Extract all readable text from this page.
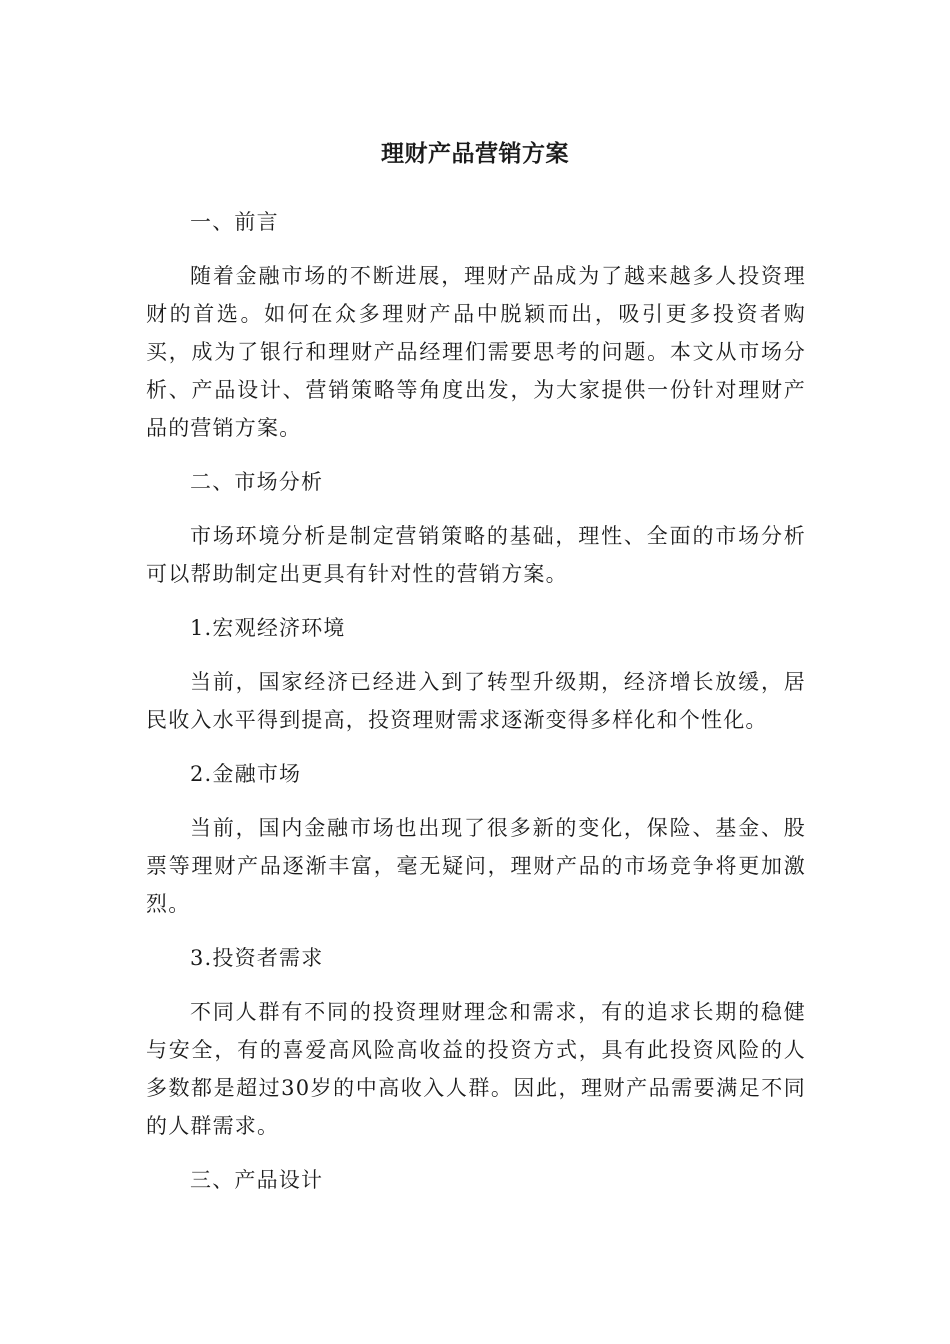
理财产品营销方案

一、前言

随着金融市场的不断进展，理财产品成为了越来越多人投资理财的首选。如何在众多理财产品中脱颖而出，吸引更多投资者购买，成为了银行和理财产品经理们需要思考的问题。本文从市场分析、产品设计、营销策略等角度出发，为大家提供一份针对理财产品的营销方案。

二、市场分析

市场环境分析是制定营销策略的基础，理性、全面的市场分析可以帮助制定出更具有针对性的营销方案。

1.宏观经济环境

当前，国家经济已经进入到了转型升级期，经济增长放缓，居民收入水平得到提高，投资理财需求逐渐变得多样化和个性化。

2.金融市场

当前，国内金融市场也出现了很多新的变化，保险、基金、股票等理财产品逐渐丰富，毫无疑问，理财产品的市场竞争将更加激烈。

3.投资者需求

不同人群有不同的投资理财理念和需求，有的追求长期的稳健与安全，有的喜爱高风险高收益的投资方式，具有此投资风险的人多数都是超过30岁的中高收入人群。因此，理财产品需要满足不同的人群需求。

三、产品设计
